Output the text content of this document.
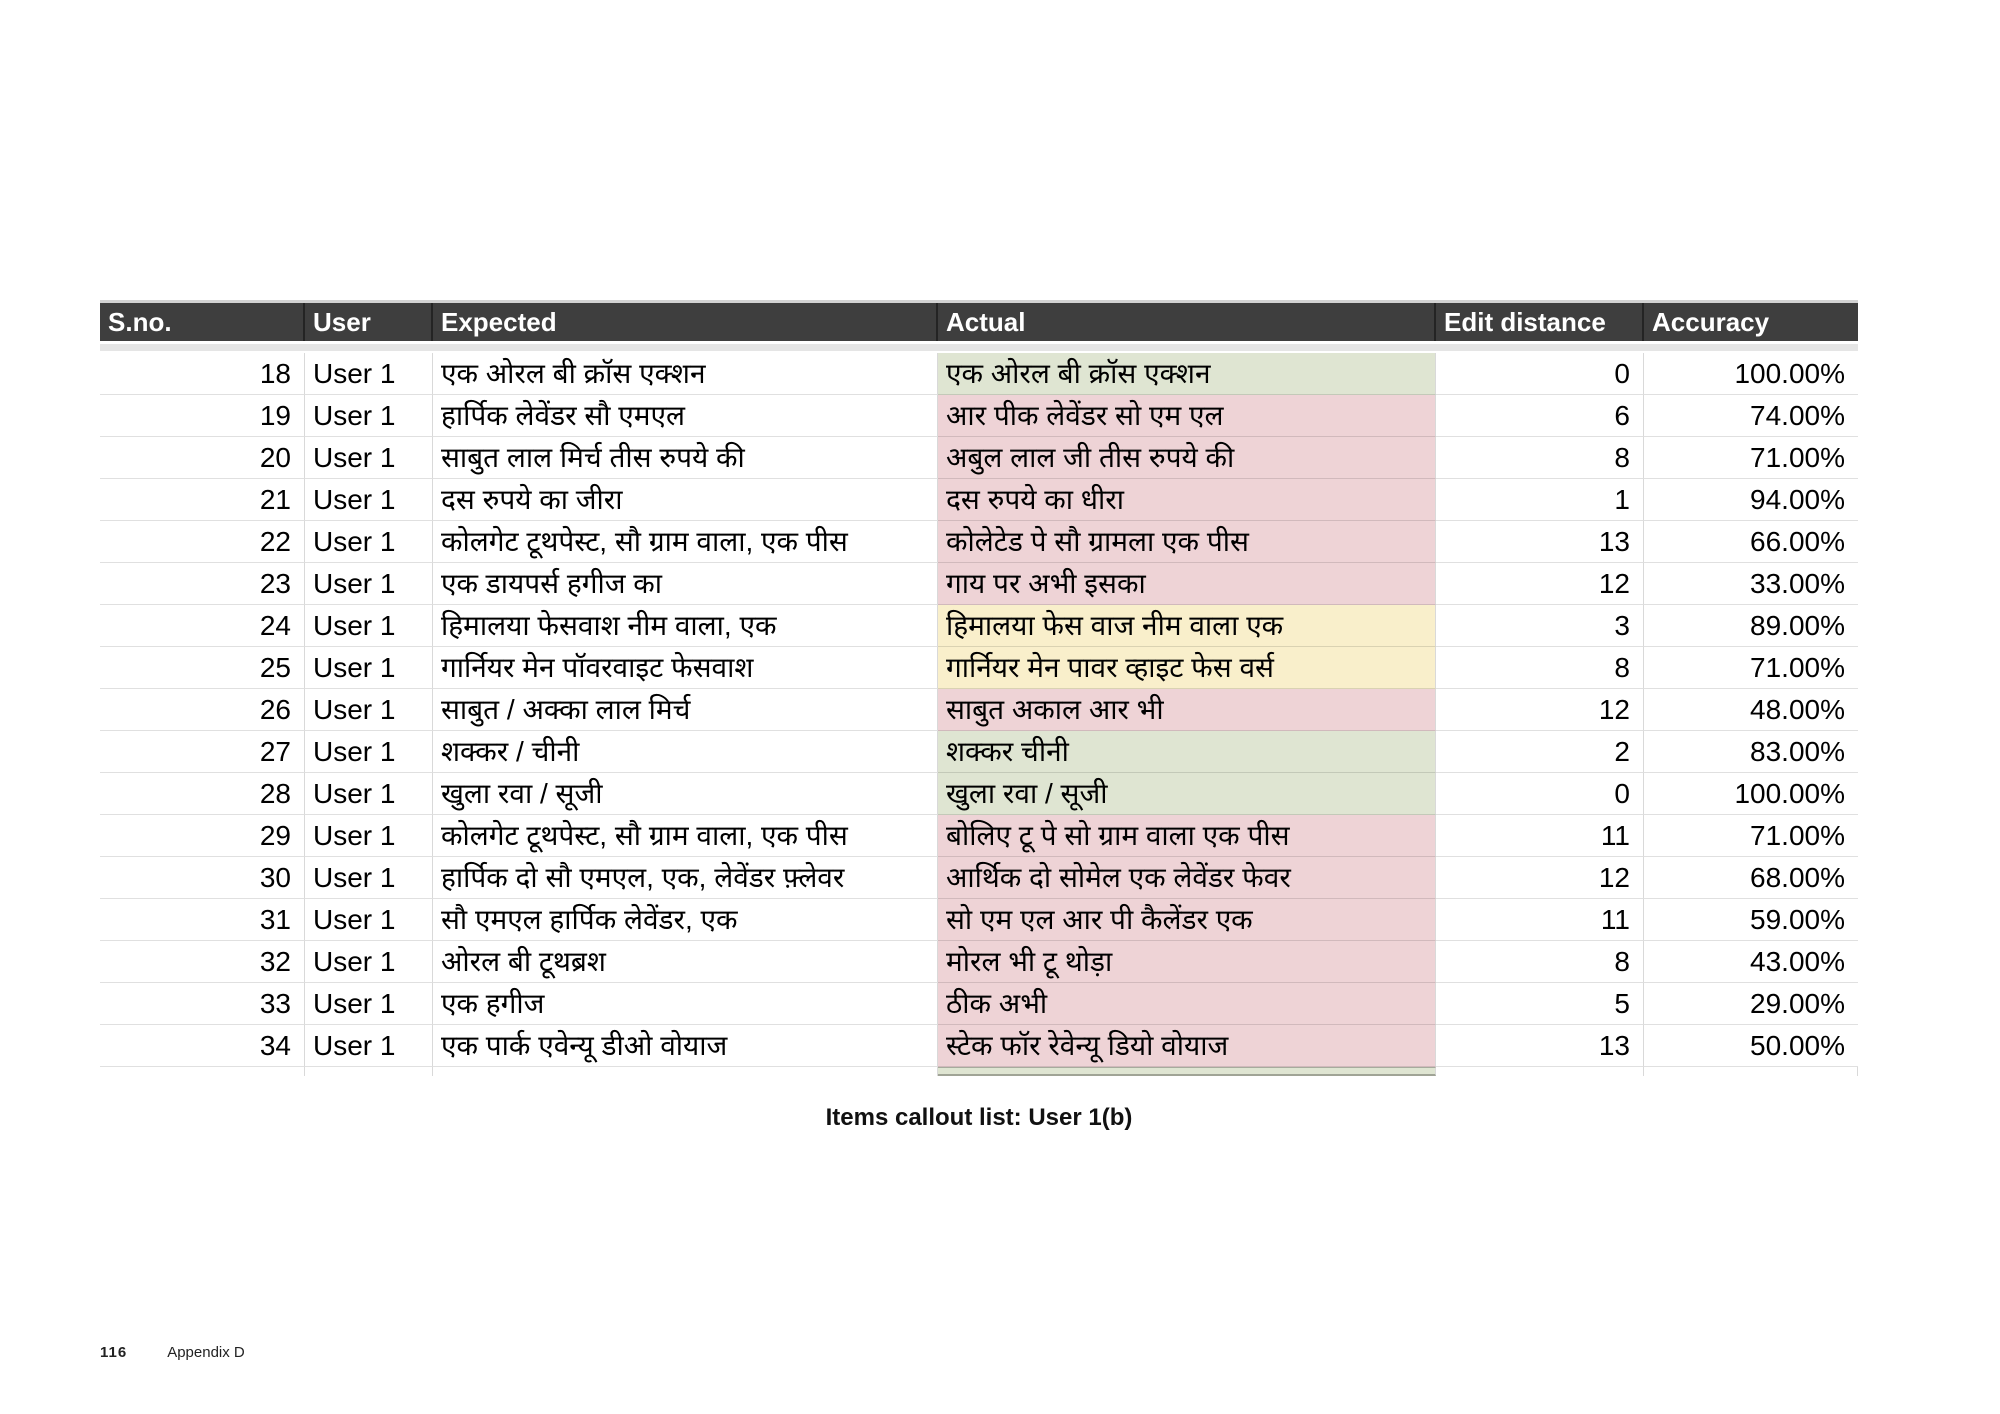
S.no.	User	Expected	Actual	Edit distance	Accuracy
18 User 1	एक ओरल बी क्रॉस एक्शन	एक ओरल बी क्रॉस एक्शन	0	100.00%
19 User 1	हार्पिक लेवेंडर सौ एमएल	आर पीक लेवेंडर सो एम एल	6	74.00%
20 User 1	साबुत लाल मिर्च तीस रुपये की	अबुल लाल जी तीस रुपये की	8	71.00%
21 User 1	दस रुपये का जीरा	दस रुपये का धीरा	1	94.00%
22 User 1	कोलगेट टूथपेस्ट, सौ ग्राम वाला, एक पीस	कोलेटेड पे सौ ग्रामला एक पीस	13	66.00%
23 User 1	एक डायपर्स हगीज का	गाय पर अभी इसका	12	33.00%
24 User 1	हिमालया फेसवाश नीम वाला, एक	हिमालया फेस वाज नीम वाला एक	3	89.00%
25 User 1	गार्नियर मेन पॉवरवाइट फेसवाश	गार्नियर मेन पावर व्हाइट फेस वर्स	8	71.00%
26 User 1	साबुत / अक्का लाल मिर्च	साबुत अकाल आर भी	12	48.00%
27 User 1	शक्कर / चीनी	शक्कर चीनी	2	83.00%
28 User 1	खुला रवा / सूजी	खुला रवा / सूजी	0	100.00%
29 User 1	कोलगेट टूथपेस्ट, सौ ग्राम वाला, एक पीस	बोलिए टू पे सो ग्राम वाला एक पीस	11	71.00%
30 User 1	हार्पिक दो सौ एमएल, एक, लेवेंडर फ़्लेवर	आर्थिक दो सोमेल एक लेवेंडर फेवर	12	68.00%
31 User 1	सौ एमएल हार्पिक लेवेंडर, एक	सो एम एल आर पी कैलेंडर एक	11	59.00%
32 User 1	ओरल बी टूथब्रश	मोरल भी टू थोड़ा	8	43.00%
33 User 1	एक हगीज	ठीक अभी	5	29.00%
34 User 1	एक पार्क एवेन्यू डीओ वोयाज	स्टेक फॉर रेवेन्यू डियो वोयाज	13	50.00%
Items callout list: User 1(b)
116	Appendix D
